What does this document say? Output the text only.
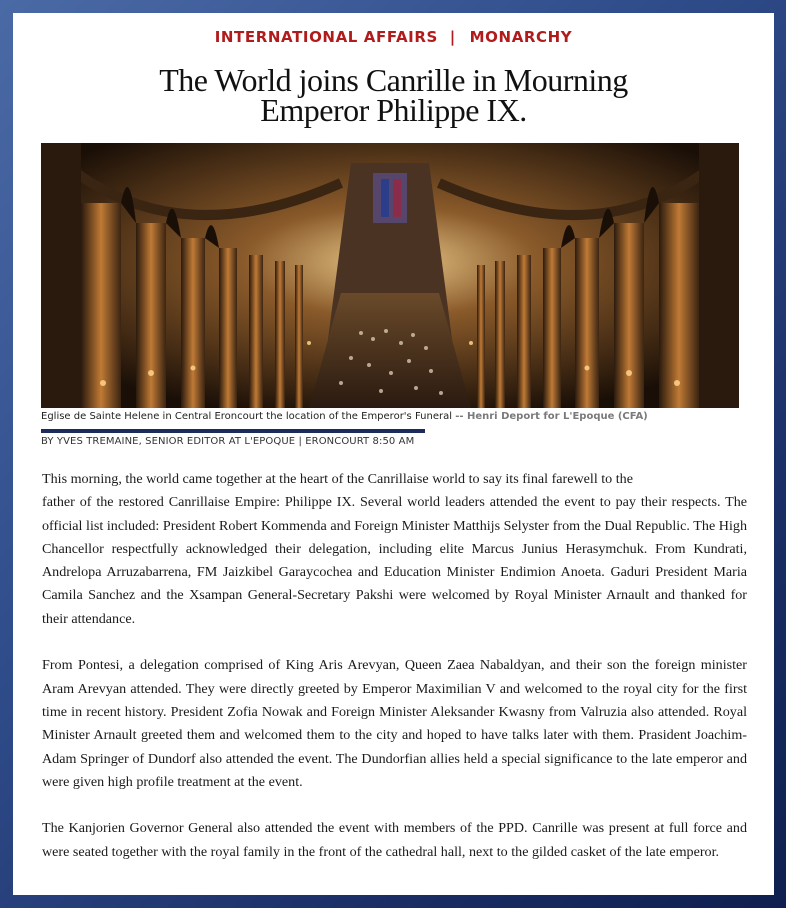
INTERNATIONAL AFFAIRS | MONARCHY
The World joins Canrille in Mourning
Emperor Philippe IX.
Eglise de Sainte Helene in Central Eroncourt the location of the Emperor's Funeral -- Henri Deport for L'Epoque (CFA)
BY YVES TREMAINE, SENIOR EDITOR AT L'EPOQUE | ERONCOURT 8:50 AM

This morning, the world came together at the heart of the Canrillaise world to say its final farewell to the
father of the restored Canrillaise Empire: Philippe IX. Several world leaders attended the event to pay their respects. The official list included: President Robert Kommenda and Foreign Minister Matthijs Selyster from the Dual Republic. The High Chancellor respectfully acknowledged their delegation, including elite Marcus Junius Herasymchuk. From Kundrati, Andrelopa Arruzabarrena, FM Jaizkibel Garaycochea and Education Minister Endimion Anoeta. Gaduri President Maria Camila Sanchez and the Xsampan General-Secretary Pakshi were welcomed by Royal Minister Arnault and thanked for their attendance.

From Pontesi, a delegation comprised of King Aris Arevyan, Queen Zaea Nabaldyan, and their son the foreign minister Aram Arevyan attended. They were directly greeted by Emperor Maximilian V and welcomed to the royal city for the first time in recent history. President Zofia Nowak and Foreign Minister Aleksander Kwasny from Valruzia also attended. Royal Minister Arnault greeted them and welcomed them to the city and hoped to have talks later with them. Prasident Joachim-Adam Springer of Dundorf also attended the event. The Dundorfian allies held a special significance to the late emperor and were given high profile treatment at the event.

The Kanjorien Governor General also attended the event with members of the PPD. Canrille was present at full force and were seated together with the royal family in the front of the cathedral hall, next to the gilded casket of the late emperor.
